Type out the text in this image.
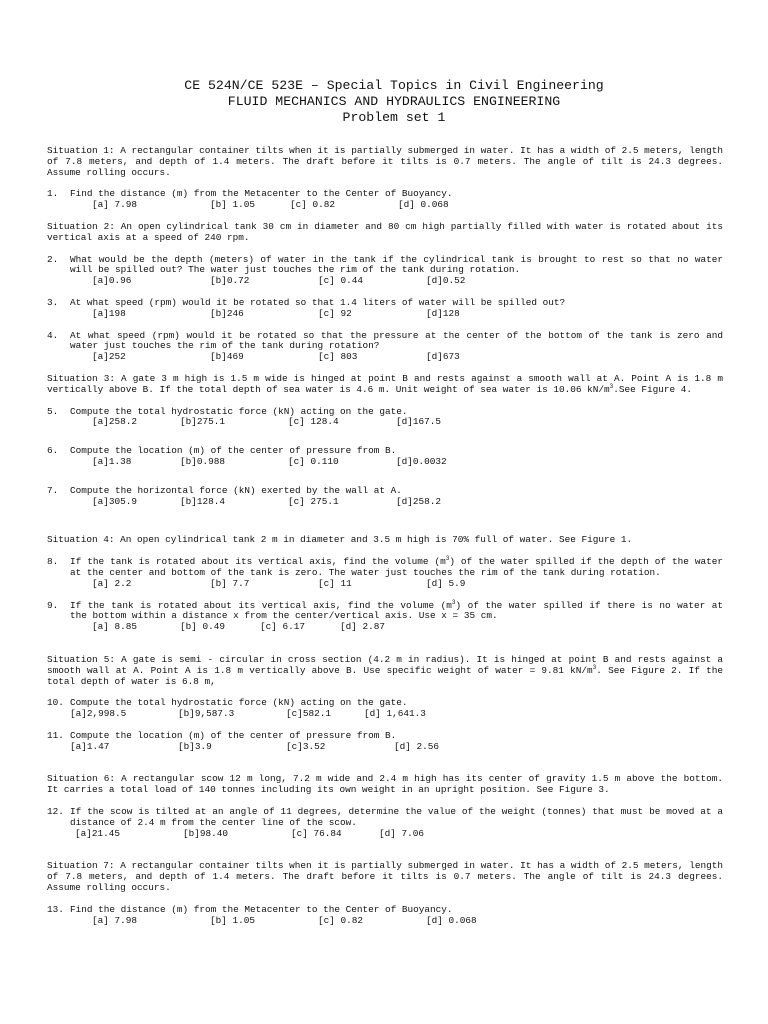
CE 524N/CE 523E – Special Topics in Civil Engineering
FLUID MECHANICS AND HYDRAULICS ENGINEERING
Problem set 1
Situation 1: A rectangular container tilts when it is partially submerged in water. It has a width of 2.5 meters, length of 7.8 meters, and depth of 1.4 meters. The draft before it tilts is 0.7 meters. The angle of tilt is 24.3 degrees. Assume rolling occurs.
1.	Find the distance (m) from the Metacenter to the Center of Buoyancy.
[a] 7.98	[b] 1.05	[c] 0.82	[d] 0.068
Situation 2: An open cylindrical tank 30 cm in diameter and 80 cm high partially filled with water is rotated about its vertical axis at a speed of 240 rpm.
2.	What would be the depth (meters) of water in the tank if the cylindrical tank is brought to rest so that no water will be spilled out? The water just touches the rim of the tank during rotation.
[a]0.96	[b]0.72	[c] 0.44	[d]0.52
3.	At what speed (rpm) would it be rotated so that 1.4 liters of water will be spilled out?
[a]198	[b]246	[c] 92	[d]128
4.	At what speed (rpm) would it be rotated so that the pressure at the center of the bottom of the tank is zero and water just touches the rim of the tank during rotation?
[a]252	[b]469	[c] 803	[d]673
Situation 3: A gate 3 m high is 1.5 m wide is hinged at point B and rests against a smooth wall at A. Point A is 1.8 m vertically above B. If the total depth of sea water is 4.6 m. Unit weight of sea water is 10.06 $kN/m^3.See$ Figure 4.
5.	Compute the total hydrostatic force (kN) acting on the gate.
[a]258.2	[b]275.1	[c] 128.4	[d]167.5
6.	Compute the location (m) of the center of pressure from B.
[a]1.38	[b]0.988	[c] 0.110	[d]0.0032
7.	Compute the horizontal force (kN) exerted by the wall at A.
[a]305.9	[b]128.4	[c] 275.1	[d]258.2
Situation 4: An open cylindrical tank 2 m in diameter and 3.5 m high is 70% full of water. See Figure 1.
8.	If the tank is rotated about its vertical axis, find the volume $(m^3)$ of the water spilled if the depth of the water at the center and bottom of the tank is zero. The water just touches the rim of the tank during rotation.
[a] 2.2	[b] 7.7	[c] 11	[d] 5.9
9.	If the tank is rotated about its vertical axis, find the volume $(m^3)$ of the water spilled if there is no water at the bottom within a distance x from the center/vertical axis. Use x = 35 cm.
[a] 8.85	[b] 0.49	[c] 6.17	[d] 2.87
Situation 5: A gate is semi - circular in cross section (4.2 m in radius). It is hinged at point B and rests against a smooth wall at A. Point A is 1.8 m vertically above B. Use specific weight of water = 9.81 $kN/m^3$. See Figure 2. If the total depth of water is 6.8 m,
10. Compute the total hydrostatic force (kN) acting on the gate.
[a]2,998.5	[b]9,587.3	[c]582.1	[d] 1,641.3
11. Compute the location (m) of the center of pressure from B.
[a]1.47	[b]3.9	[c]3.52	[d] 2.56
Situation 6: A rectangular scow 12 m long, 7.2 m wide and 2.4 m high has its center of gravity 1.5 m above the bottom. It carries a total load of 140 tonnes including its own weight in an upright position. See Figure 3.
12. If the scow is tilted at an angle of 11 degrees, determine the value of the weight (tonnes) that must be moved at a distance of 2.4 m from the center line of the scow.
[a]21.45	[b]98.40	[c] 76.84	[d] 7.06
Situation 7: A rectangular container tilts when it is partially submerged in water. It has a width of 2.5 meters, length of 7.8 meters, and depth of 1.4 meters. The draft before it tilts is 0.7 meters. The angle of tilt is 24.3 degrees. Assume rolling occurs.
13. Find the distance (m) from the Metacenter to the Center of Buoyancy.
[a] 7.98	[b] 1.05	[c] 0.82	[d] 0.068
